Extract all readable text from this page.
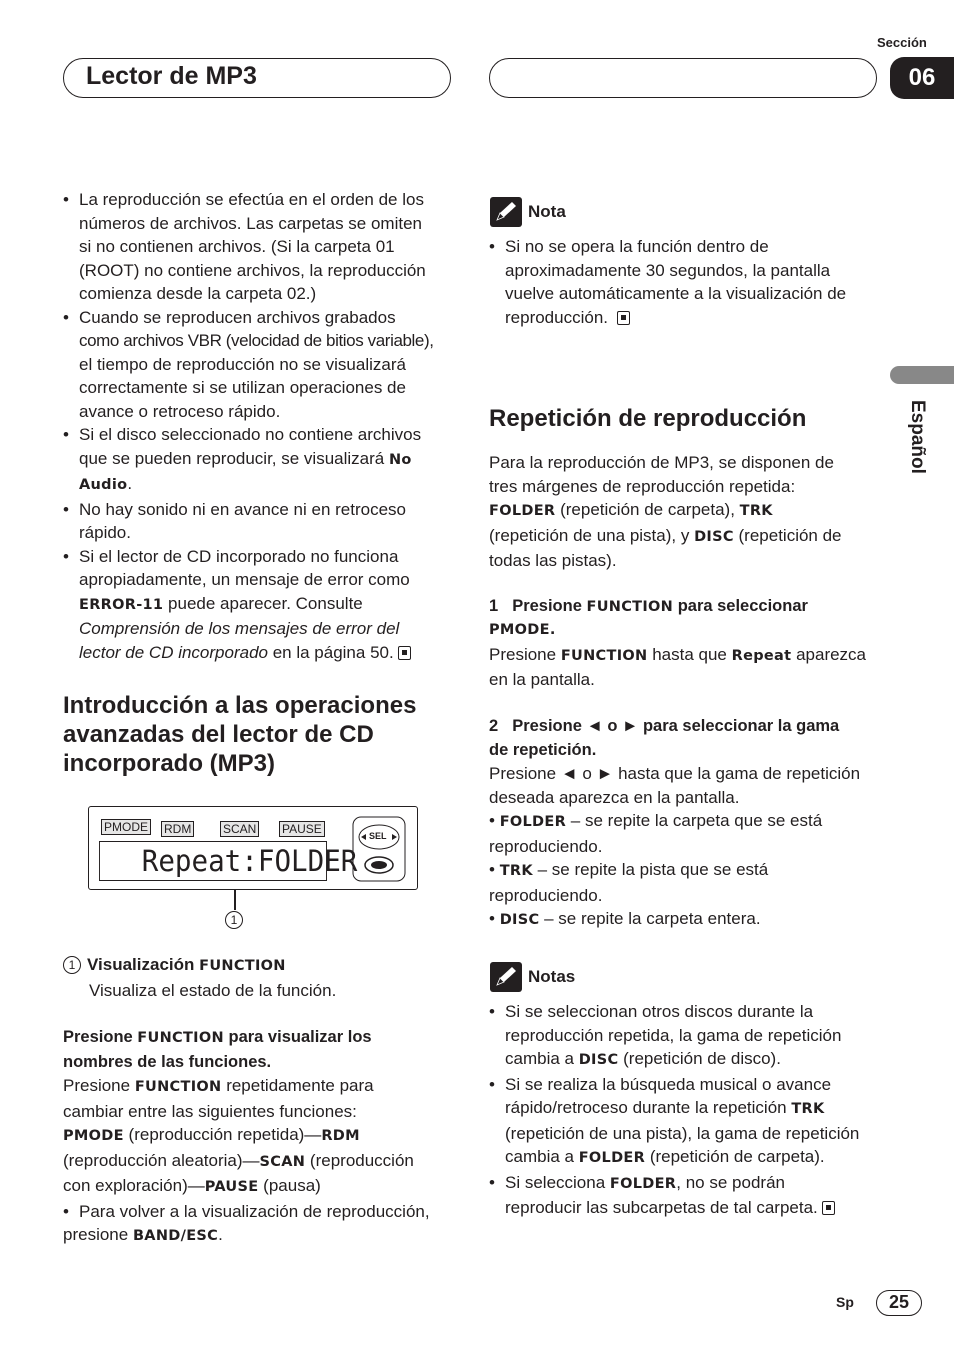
Sección
Lector de MP3	06
Español
• La reproducción se efectúa en el orden de los
números de archivos. Las carpetas se omiten
si no contienen archivos. (Si la carpeta 01
(ROOT) no contiene archivos, la reproducción
comienza desde la carpeta 02.)
• Cuando se reproducen archivos grabados
como archivos VBR (velocidad de bitios variable),
el tiempo de reproducción no se visualizará
correctamente si se utilizan operaciones de
avance o retroceso rápido.
• Si el disco seleccionado no contiene archivos
que se pueden reproducir, se visualizará No
Audio.
• No hay sonido ni en avance ni en retroceso
rápido.
• Si el lector de CD incorporado no funciona
apropiadamente, un mensaje de error como
ERROR-11 puede aparecer. Consulte
Comprensión de los mensajes de error del
lector de CD incorporado en la página 50.
Introducción a las operaciones
avanzadas del lector de CD
incorporado (MP3)
PMODE RDM	SCAN PAUSE
Repeat:FOLDER
SEL
1
1 Visualización FUNCTION
Visualiza el estado de la función.
Presione FUNCTION para visualizar los
nombres de las funciones.
Presione FUNCTION repetidamente para
cambiar entre las siguientes funciones:
PMODE (reproducción repetida)—RDM
(reproducción aleatoria)—SCAN (reproducción
con exploración)—PAUSE (pausa)
• Para volver a la visualización de reproducción,
presione BAND/ESC.
Nota
• Si no se opera la función dentro de
aproximadamente 30 segundos, la pantalla
vuelve automáticamente a la visualización de
reproducción.
Repetición de reproducción
Para la reproducción de MP3, se disponen de
tres márgenes de reproducción repetida:
FOLDER (repetición de carpeta), TRK
(repetición de una pista), y DISC (repetición de
todas las pistas).
1 Presione FUNCTION para seleccionar
PMODE.
Presione FUNCTION hasta que Repeat aparezca
en la pantalla.
2 Presione ◄ o ► para seleccionar la gama
de repetición.
Presione ◄ o ► hasta que la gama de repetición
deseada aparezca en la pantalla.
• FOLDER – se repite la carpeta que se está
reproduciendo.
• TRK – se repite la pista que se está
reproduciendo.
• DISC – se repite la carpeta entera.
Notas
• Si se seleccionan otros discos durante la
reproducción repetida, la gama de repetición
cambia a DISC (repetición de disco).
• Si se realiza la búsqueda musical o avance
rápido/retroceso durante la repetición TRK
(repetición de una pista), la gama de repetición
cambia a FOLDER (repetición de carpeta).
• Si selecciona FOLDER, no se podrán
reproducir las subcarpetas de tal carpeta.
Sp	25
